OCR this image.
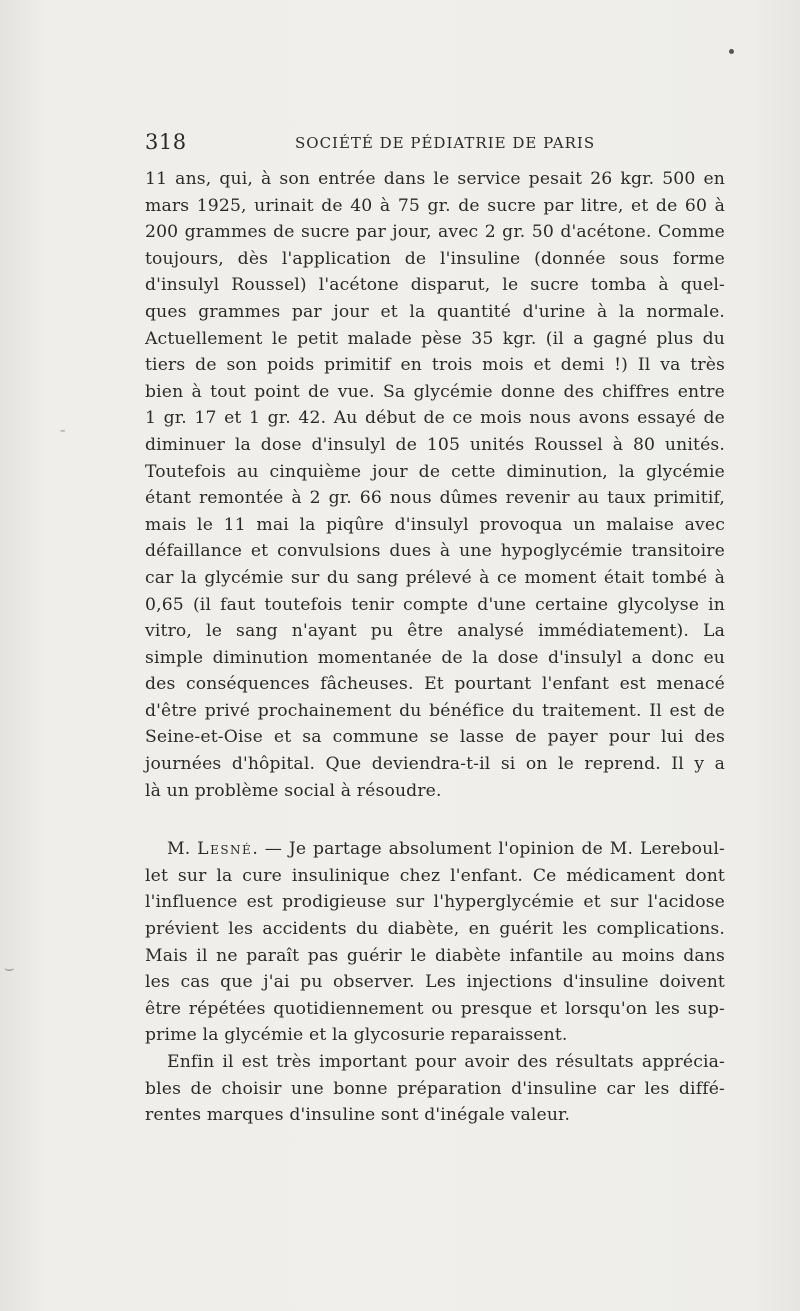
‐
⌣
318	SOCIÉTÉ DE PÉDIATRIE DE PARIS
11 ans, qui, à son entrée dans le service pesait 26 kgr. 500 en
mars 1925, urinait de 40 à 75 gr. de sucre par litre, et de 60 à
200 grammes de sucre par jour, avec 2 gr. 50 d'acétone. Comme
toujours, dès l'application de l'insuline (donnée sous forme
d'insulyl Roussel) l'acétone disparut, le sucre tomba à quel-
ques grammes par jour et la quantité d'urine à la normale.
Actuellement le petit malade pèse 35 kgr. (il a gagné plus du
tiers de son poids primitif en trois mois et demi !) Il va très
bien à tout point de vue. Sa glycémie donne des chiffres entre
1 gr. 17 et 1 gr. 42. Au début de ce mois nous avons essayé de
diminuer la dose d'insulyl de 105 unités Roussel à 80 unités.
Toutefois au cinquième jour de cette diminution, la glycémie
étant remontée à 2 gr. 66 nous dûmes revenir au taux primitif,
mais le 11 mai la piqûre d'insulyl provoqua un malaise avec
défaillance et convulsions dues à une hypoglycémie transitoire
car la glycémie sur du sang prélevé à ce moment était tombé à
0,65 (il faut toutefois tenir compte d'une certaine glycolyse in
vitro, le sang n'ayant pu être analysé immédiatement). La
simple diminution momentanée de la dose d'insulyl a donc eu
des conséquences fâcheuses. Et pourtant l'enfant est menacé
d'être privé prochainement du bénéfice du traitement. Il est de
Seine-et-Oise et sa commune se lasse de payer pour lui des
journées d'hôpital. Que deviendra-t-il si on le reprend. Il y a
là un problème social à résoudre.
M. Lesné. — Je partage absolument l'opinion de M. Lereboul-
let sur la cure insulinique chez l'enfant. Ce médicament dont
l'influence est prodigieuse sur l'hyperglycémie et sur l'acidose
prévient les accidents du diabète, en guérit les complications.
Mais il ne paraît pas guérir le diabète infantile au moins dans
les cas que j'ai pu observer. Les injections d'insuline doivent
être répétées quotidiennement ou presque et lorsqu'on les sup-
prime la glycémie et la glycosurie reparaissent.
Enfin il est très important pour avoir des résultats apprécia-
bles de choisir une bonne préparation d'insuline car les diffé-
rentes marques d'insuline sont d'inégale valeur.
